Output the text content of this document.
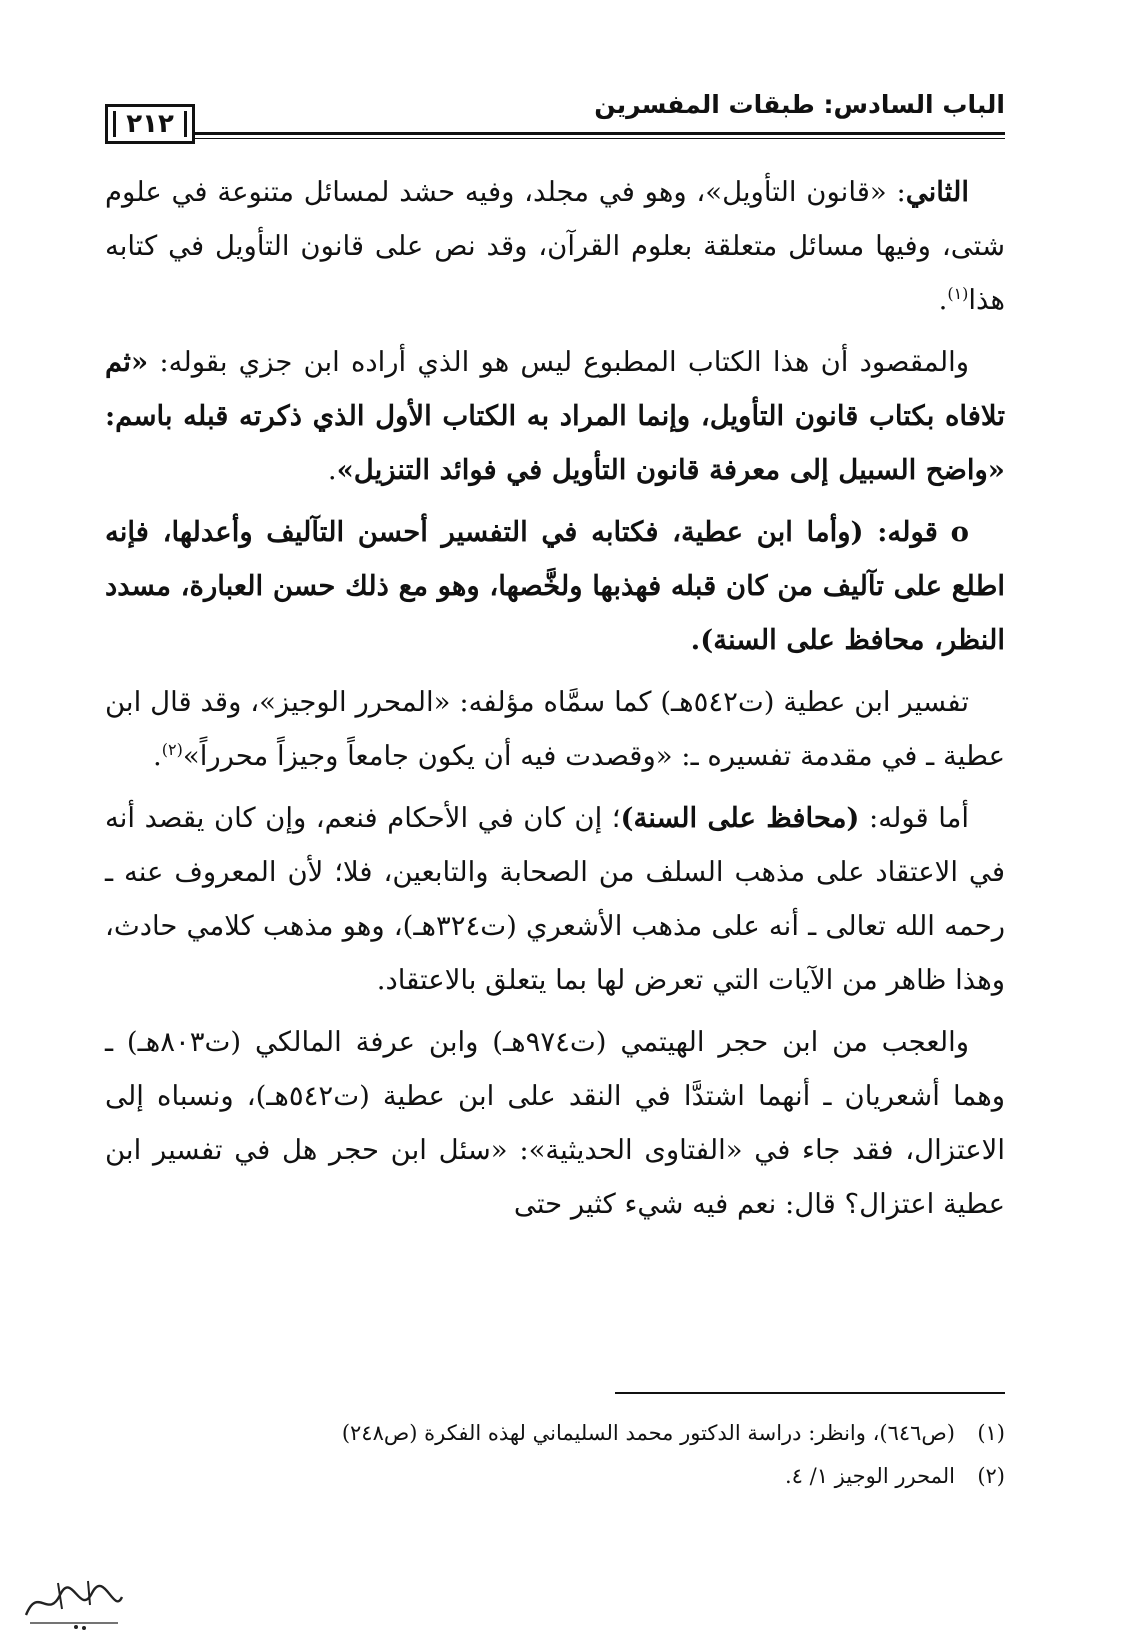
الباب السادس: طبقات المفسرين
٢١٢

الثاني: «قانون التأويل»، وهو في مجلد، وفيه حشد لمسائل متنوعة في علوم شتى، وفيها مسائل متعلقة بعلوم القرآن، وقد نص على قانون التأويل في كتابه هذا$^{(١)}$.

والمقصود أن هذا الكتاب المطبوع ليس هو الذي أراده ابن جزي بقوله: «ثم تلافاه بكتاب قانون التأويل، وإنما المراد به الكتاب الأول الذي ذكرته قبله باسم: «واضح السبيل إلى معرفة قانون التأويل في فوائد التنزيل».

o قوله: (وأما ابن عطية، فكتابه في التفسير أحسن التآليف وأعدلها، فإنه اطلع على تآليف من كان قبله فهذبها ولخَّصها، وهو مع ذلك حسن العبارة، مسدد النظر، محافظ على السنة).

تفسير ابن عطية (ت٥٤٢هـ) كما سمَّاه مؤلفه: «المحرر الوجيز»، وقد قال ابن عطية ـ في مقدمة تفسيره ـ: «وقصدت فيه أن يكون جامعاً وجيزاً محرراً»$^{(٢)}$.

أما قوله: (محافظ على السنة)؛ إن كان في الأحكام فنعم، وإن كان يقصد أنه في الاعتقاد على مذهب السلف من الصحابة والتابعين، فلا؛ لأن المعروف عنه ـ رحمه الله تعالى ـ أنه على مذهب الأشعري (ت٣٢٤هـ)، وهو مذهب كلامي حادث، وهذا ظاهر من الآيات التي تعرض لها بما يتعلق بالاعتقاد.

والعجب من ابن حجر الهيتمي (ت٩٧٤هـ) وابن عرفة المالكي (ت٨٠٣هـ) ـ وهما أشعريان ـ أنهما اشتدَّا في النقد على ابن عطية (ت٥٤٢هـ)، ونسباه إلى الاعتزال، فقد جاء في «الفتاوى الحديثية»: «سئل ابن حجر هل في تفسير ابن عطية اعتزال؟ قال: نعم فيه شيء كثير حتى

(١)(ص٦٤٦)، وانظر: دراسة الدكتور محمد السليماني لهذه الفكرة (ص٢٤٨)
(٢)المحرر الوجيز ١/ ٤.
